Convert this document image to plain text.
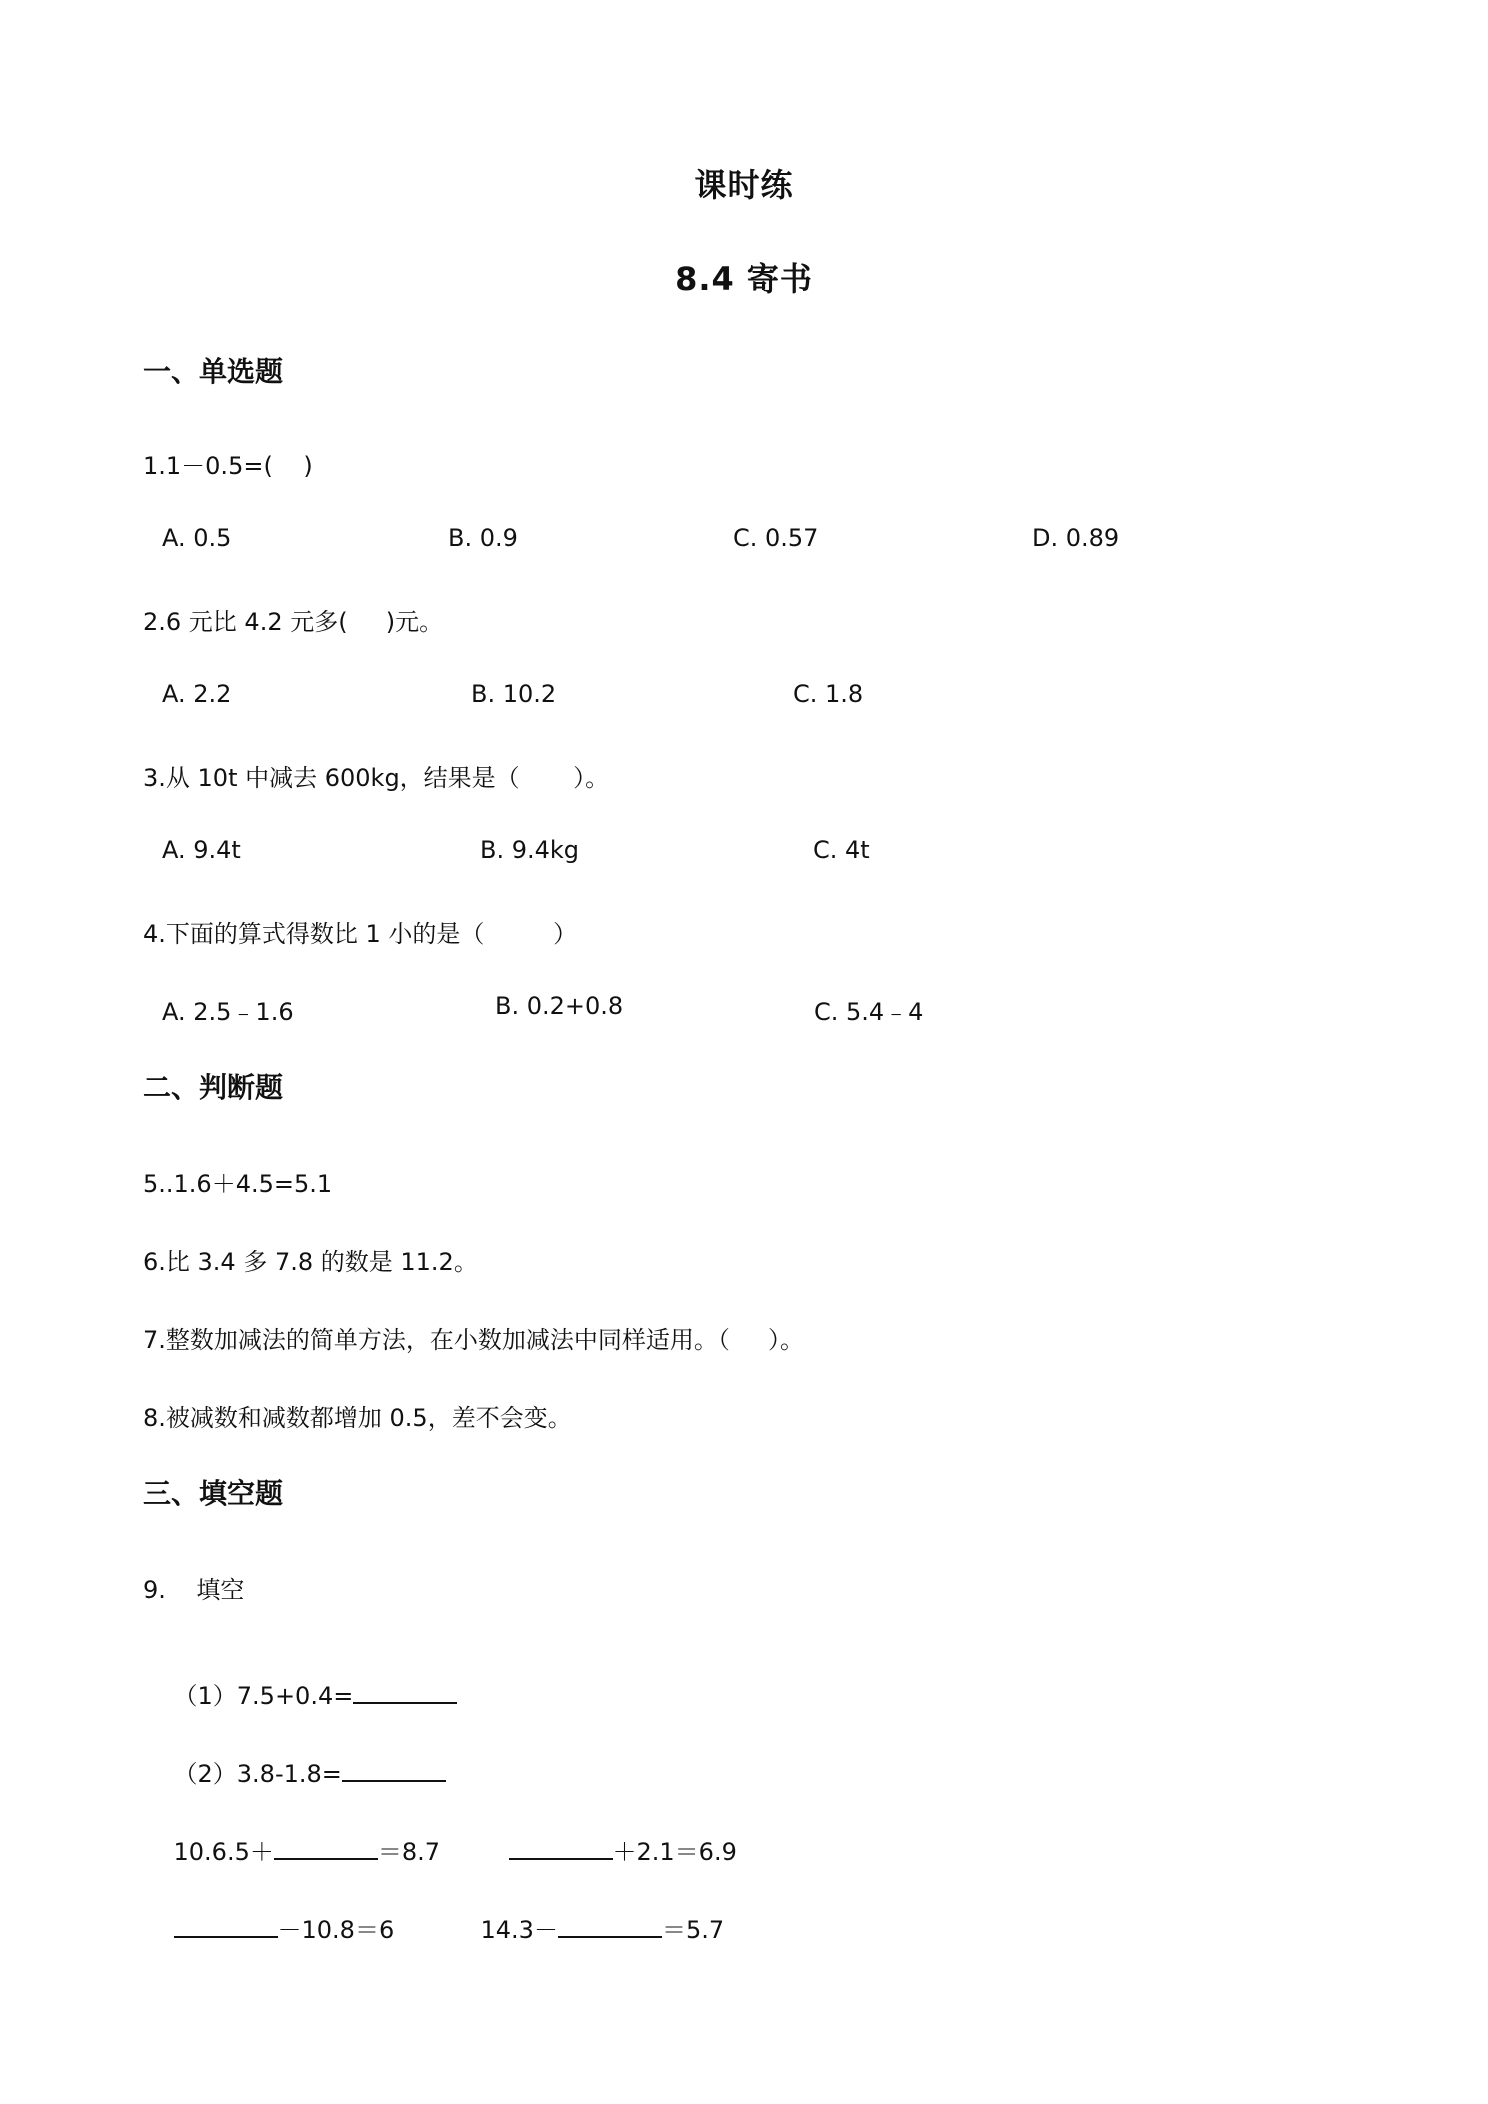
课时练
8.4 寄书
一、单选题
1.1－0.5=(    )
A. 0.5	B. 0.9	C. 0.57	D. 0.89
2.6 元比 4.2 元多(     )元。
A. 2.2	B. 10.2	C. 1.8
3.从 10t 中减去 600kg，结果是（       ）。
A. 9.4t	B. 9.4kg	C. 4t
4.下面的算式得数比 1 小的是（         ）
A. 2.5﹣1.6	B. 0.2+0.8	C. 5.4﹣4
二、判断题
5..1.6＋4.5=5.1
6.比 3.4 多 7.8 的数是 11.2。
7.整数加减法的简单方法，在小数加减法中同样适用。（     ）。
8.被减数和减数都增加 0.5，差不会变。
三、填空题
9.    填空

（1）7.5+0.4=

（2）3.8-1.8=

10.6.5＋	＝8.7
	＋2.1＝6.9

－10.8＝6
	14.3－	＝5.7
